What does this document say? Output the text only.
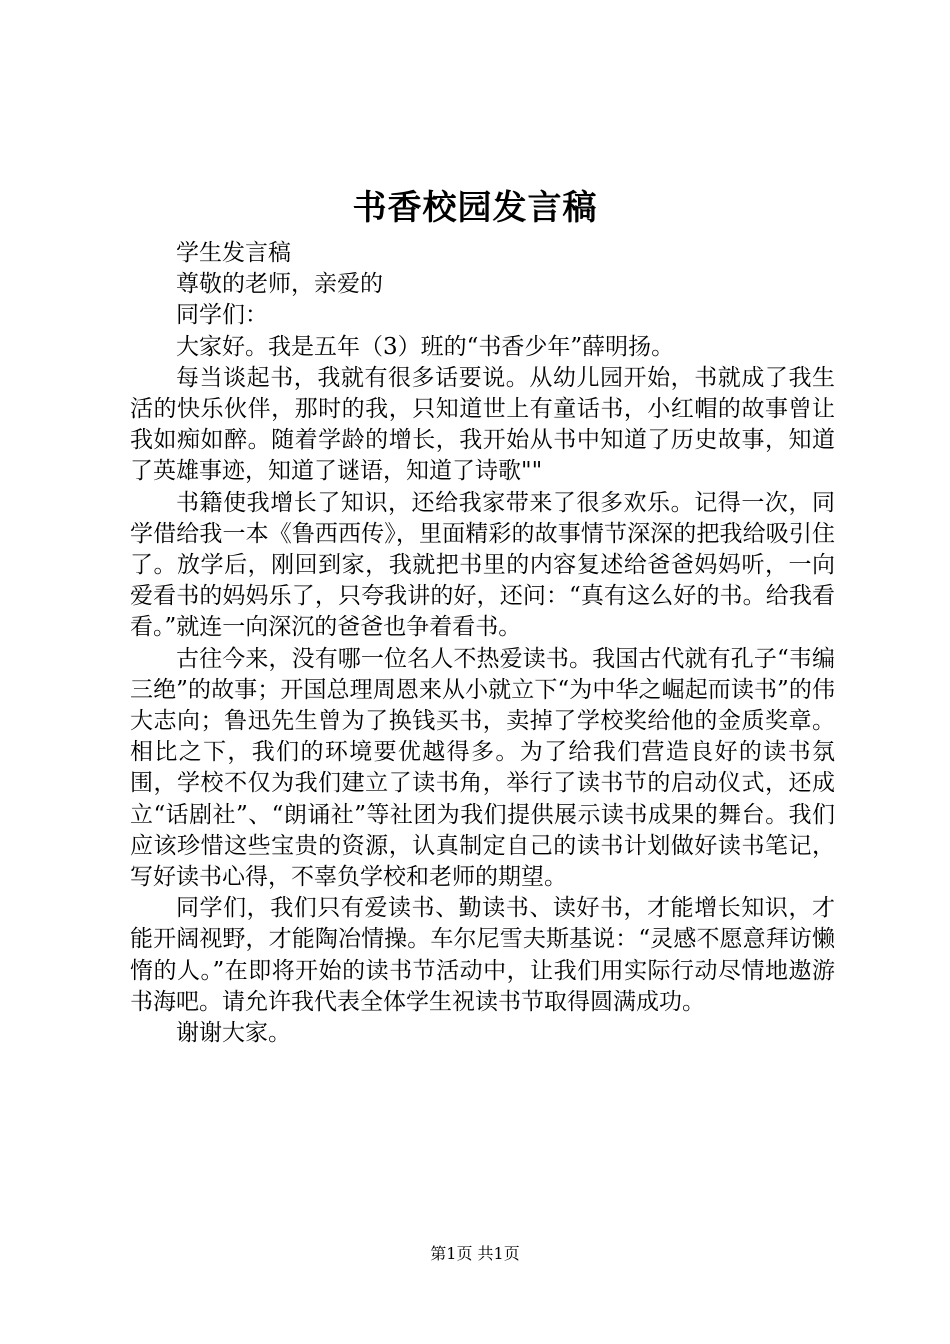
书香校园发言稿

学生发言稿

尊敬的老师，亲爱的

同学们：

大家好。我是五年（3）班的“书香少年”薛明扬。

每当谈起书，我就有很多话要说。从幼儿园开始，书就成了我生活的快乐伙伴，那时的我，只知道世上有童话书，小红帽的故事曾让我如痴如醉。随着学龄的增长，我开始从书中知道了历史故事，知道了英雄事迹，知道了谜语，知道了诗歌""

书籍使我增长了知识，还给我家带来了很多欢乐。记得一次，同学借给我一本《鲁西西传》，里面精彩的故事情节深深的把我给吸引住了。放学后，刚回到家，我就把书里的内容复述给爸爸妈妈听，一向爱看书的妈妈乐了，只夸我讲的好，还问：“真有这么好的书。给我看看。”就连一向深沉的爸爸也争着看书。

古往今来，没有哪一位名人不热爱读书。我国古代就有孔子“韦编三绝”的故事；开国总理周恩来从小就立下“为中华之崛起而读书”的伟大志向；鲁迅先生曾为了换钱买书，卖掉了学校奖给他的金质奖章。相比之下，我们的环境要优越得多。为了给我们营造良好的读书氛围，学校不仅为我们建立了读书角，举行了读书节的启动仪式，还成立“话剧社”、“朗诵社”等社团为我们提供展示读书成果的舞台。我们应该珍惜这些宝贵的资源，认真制定自己的读书计划做好读书笔记，写好读书心得，不辜负学校和老师的期望。

同学们，我们只有爱读书、勤读书、读好书，才能增长知识，才能开阔视野，才能陶冶情操。车尔尼雪夫斯基说：“灵感不愿意拜访懒惰的人。”在即将开始的读书节活动中，让我们用实际行动尽情地遨游书海吧。请允许我代表全体学生祝读书节取得圆满成功。

谢谢大家。

第1页 共1页
